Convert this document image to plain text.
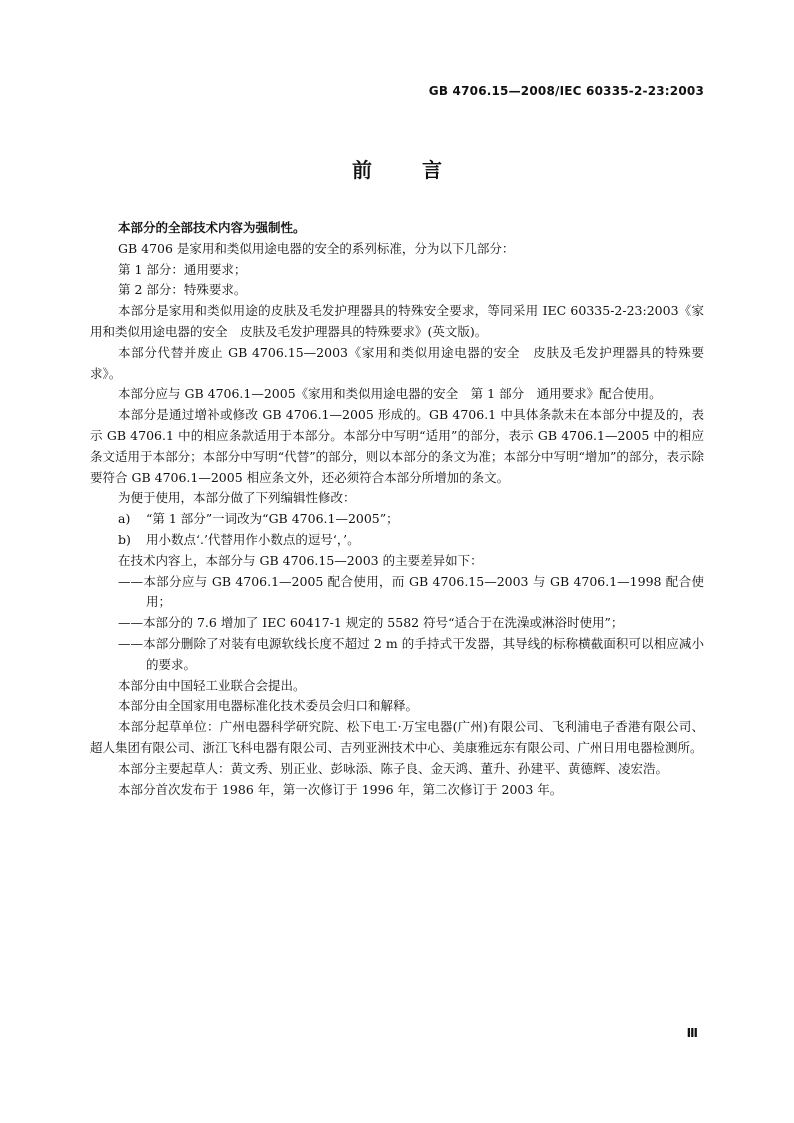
GB 4706.15—2008/IEC 60335-2-23:2003
前 言

本部分的全部技术内容为强制性。

GB 4706 是家用和类似用途电器的安全的系列标准，分为以下几部分：

第 1 部分：通用要求；

第 2 部分：特殊要求。

本部分是家用和类似用途的皮肤及毛发护理器具的特殊安全要求，等同采用 IEC 60335-2-23:2003《家用和类似用途电器的安全　皮肤及毛发护理器具的特殊要求》(英文版)。

本部分代替并废止 GB 4706.15—2003《家用和类似用途电器的安全　皮肤及毛发护理器具的特殊要求》。

本部分应与 GB 4706.1—2005《家用和类似用途电器的安全　第 1 部分　通用要求》配合使用。

本部分是通过增补或修改 GB 4706.1—2005 形成的。GB 4706.1 中具体条款未在本部分中提及的，表示 GB 4706.1 中的相应条款适用于本部分。本部分中写明“适用”的部分，表示 GB 4706.1—2005 中的相应条文适用于本部分；本部分中写明“代替”的部分，则以本部分的条文为准；本部分中写明“增加”的部分，表示除要符合 GB 4706.1—2005 相应条文外，还必须符合本部分所增加的条文。

为便于使用，本部分做了下列编辑性修改：

a)	“第 1 部分”一词改为“GB 4706.1—2005”；
b)	用小数点‘.’代替用作小数点的逗号‘，’。

在技术内容上，本部分与 GB 4706.15—2003 的主要差异如下：

——本部分应与 GB 4706.1—2005 配合使用，而 GB 4706.15—2003 与 GB 4706.1—1998 配合使用；

——本部分的 7.6 增加了 IEC 60417-1 规定的 5582 符号“适合于在洗澡或淋浴时使用”；

——本部分删除了对装有电源软线长度不超过 2 m 的手持式干发器，其导线的标称横截面积可以相应减小的要求。

本部分由中国轻工业联合会提出。

本部分由全国家用电器标准化技术委员会归口和解释。

本部分起草单位：广州电器科学研究院、松下电工·万宝电器(广州)有限公司、飞利浦电子香港有限公司、超人集团有限公司、浙江飞科电器有限公司、吉列亚洲技术中心、美康雅远东有限公司、广州日用电器检测所。

本部分主要起草人：黄文秀、别正业、彭咏添、陈子良、金天鸿、董升、孙建平、黄德辉、凌宏浩。

本部分首次发布于 1986 年，第一次修订于 1996 年，第二次修订于 2003 年。

Ⅲ
